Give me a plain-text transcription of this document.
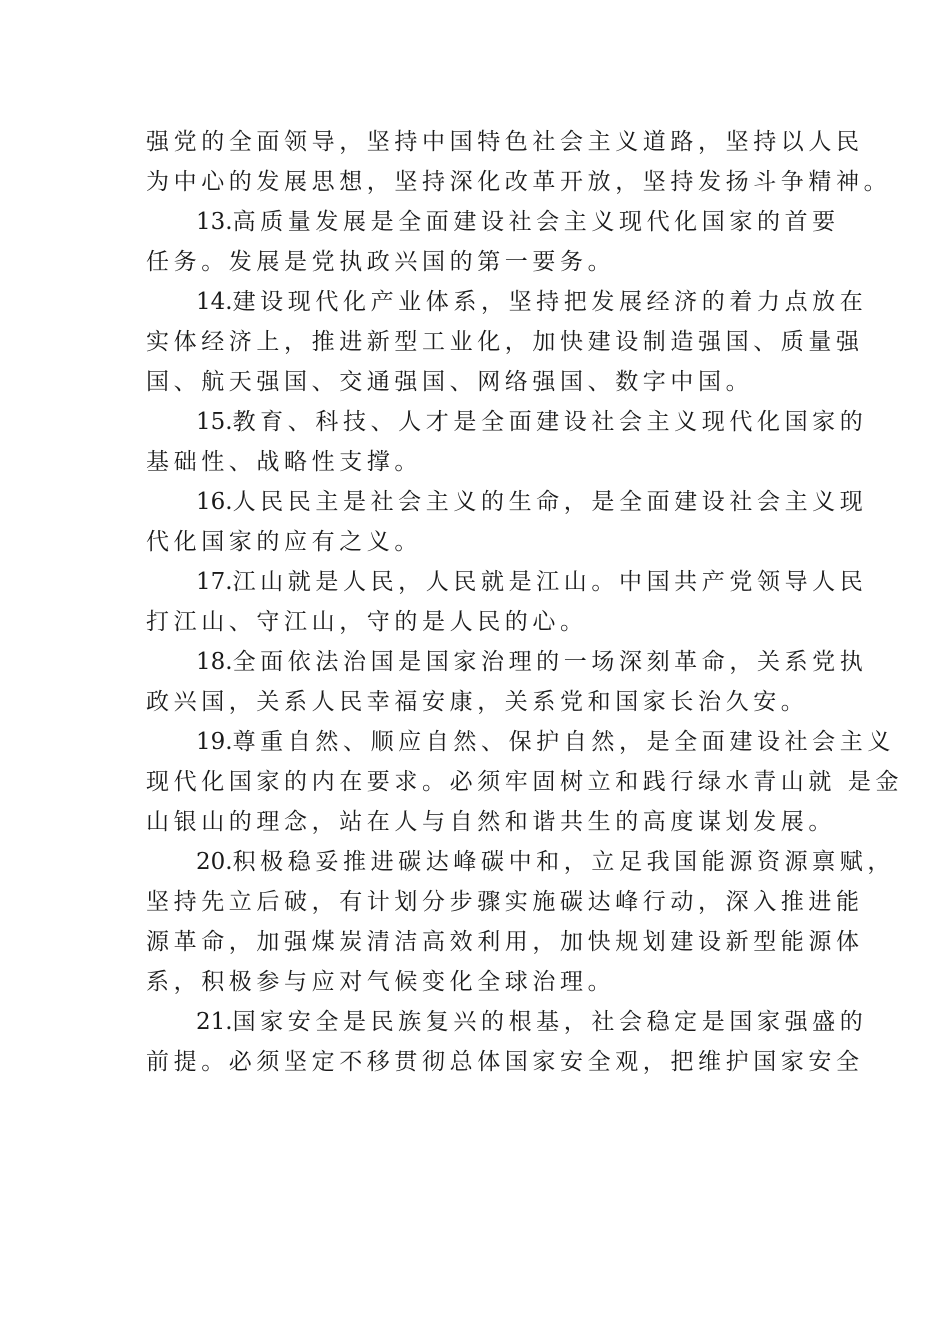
强党的全面领导，坚持中国特色社会主义道路，坚持以人民
为中心的发展思想，坚持深化改革开放，坚持发扬斗争精神。
13.高质量发展是全面建设社会主义现代化国家的首要
任务。发展是党执政兴国的第一要务。
14.建设现代化产业体系，坚持把发展经济的着力点放在
实体经济上，推进新型工业化，加快建设制造强国、质量强
国、航天强国、交通强国、网络强国、数字中国。
15.教育、科技、人才是全面建设社会主义现代化国家的
基础性、战略性支撑。
16.人民民主是社会主义的生命，是全面建设社会主义现
代化国家的应有之义。
17.江山就是人民，人民就是江山。中国共产党领导人民
打江山、守江山，守的是人民的心。
18.全面依法治国是国家治理的一场深刻革命，关系党执
政兴国，关系人民幸福安康，关系党和国家长治久安。
19.尊重自然、顺应自然、保护自然，是全面建设社会主义
现代化国家的内在要求。必须牢固树立和践行绿水青山就 是金
山银山的理念，站在人与自然和谐共生的高度谋划发展。
20.积极稳妥推进碳达峰碳中和，立足我国能源资源禀赋，
坚持先立后破，有计划分步骤实施碳达峰行动，深入推进能
源革命，加强煤炭清洁高效利用，加快规划建设新型能源体
系，积极参与应对气候变化全球治理。
21.国家安全是民族复兴的根基，社会稳定是国家强盛的
前提。必须坚定不移贯彻总体国家安全观，把维护国家安全
